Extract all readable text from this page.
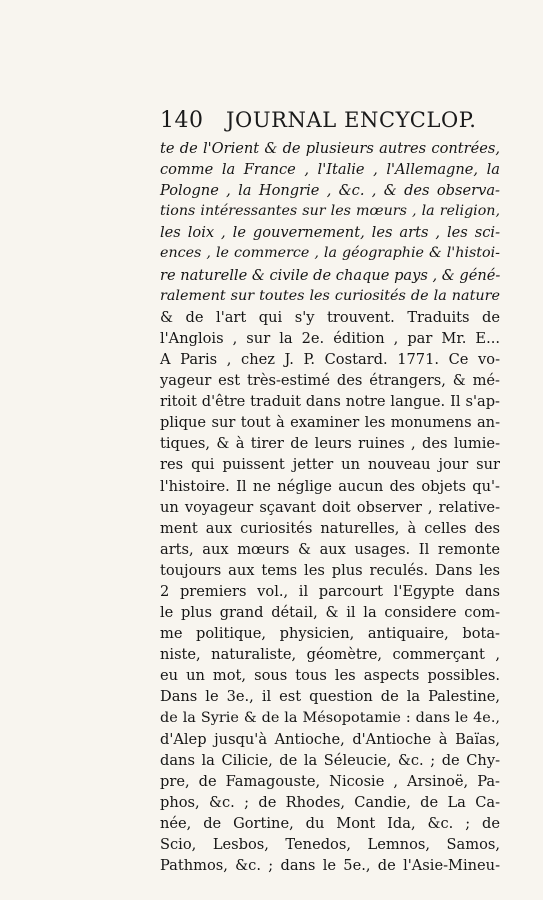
140 JOURNAL ENCYCLOP.
te de l'Orient & de plusieurs autres contrées,
comme la France , l'Italie , l'Allemagne, la
Pologne , la Hongrie , &c. , & des observa-
tions intéressantes sur les mœurs , la religion,
les loix , le gouvernement, les arts , les sci-
ences , le commerce , la géographie & l'histoi-
re naturelle & civile de chaque pays , & géné-
ralement sur toutes les curiosités de la nature
& de l'art qui s'y trouvent. Traduits de
l'Anglois , sur la 2e. édition , par Mr. E...
A Paris , chez J. P. Costard. 1771. Ce vo-
yageur est très-estimé des étrangers, & mé-
ritoit d'être traduit dans notre langue. Il s'ap-
plique sur tout à examiner les monumens an-
tiques, & à tirer de leurs ruines , des lumie-
res qui puissent jetter un nouveau jour sur
l'histoire. Il ne néglige aucun des objets qu'-
un voyageur sçavant doit observer , relative-
ment aux curiosités naturelles, à celles des
arts, aux mœurs & aux usages. Il remonte
toujours aux tems les plus reculés. Dans les
2 premiers vol., il parcourt l'Egypte dans
le plus grand détail, & il la considere com-
me politique, physicien, antiquaire, bota-
niste, naturaliste, géomètre, commerçant ,
eu un mot, sous tous les aspects possibles.
Dans le 3e., il est question de la Palestine,
de la Syrie & de la Mésopotamie : dans le 4e.,
d'Alep jusqu'à Antioche, d'Antioche à Baïas,
dans la Cilicie, de la Séleucie, &c. ; de Chy-
pre, de Famagouste, Nicosie , Arsinoë, Pa-
phos, &c. ; de Rhodes, Candie, de La Ca-
née, de Gortine, du Mont Ida, &c. ; de
Scio, Lesbos, Tenedos, Lemnos, Samos,
Pathmos, &c. ; dans le 5e., de l'Asie-Mineu-
